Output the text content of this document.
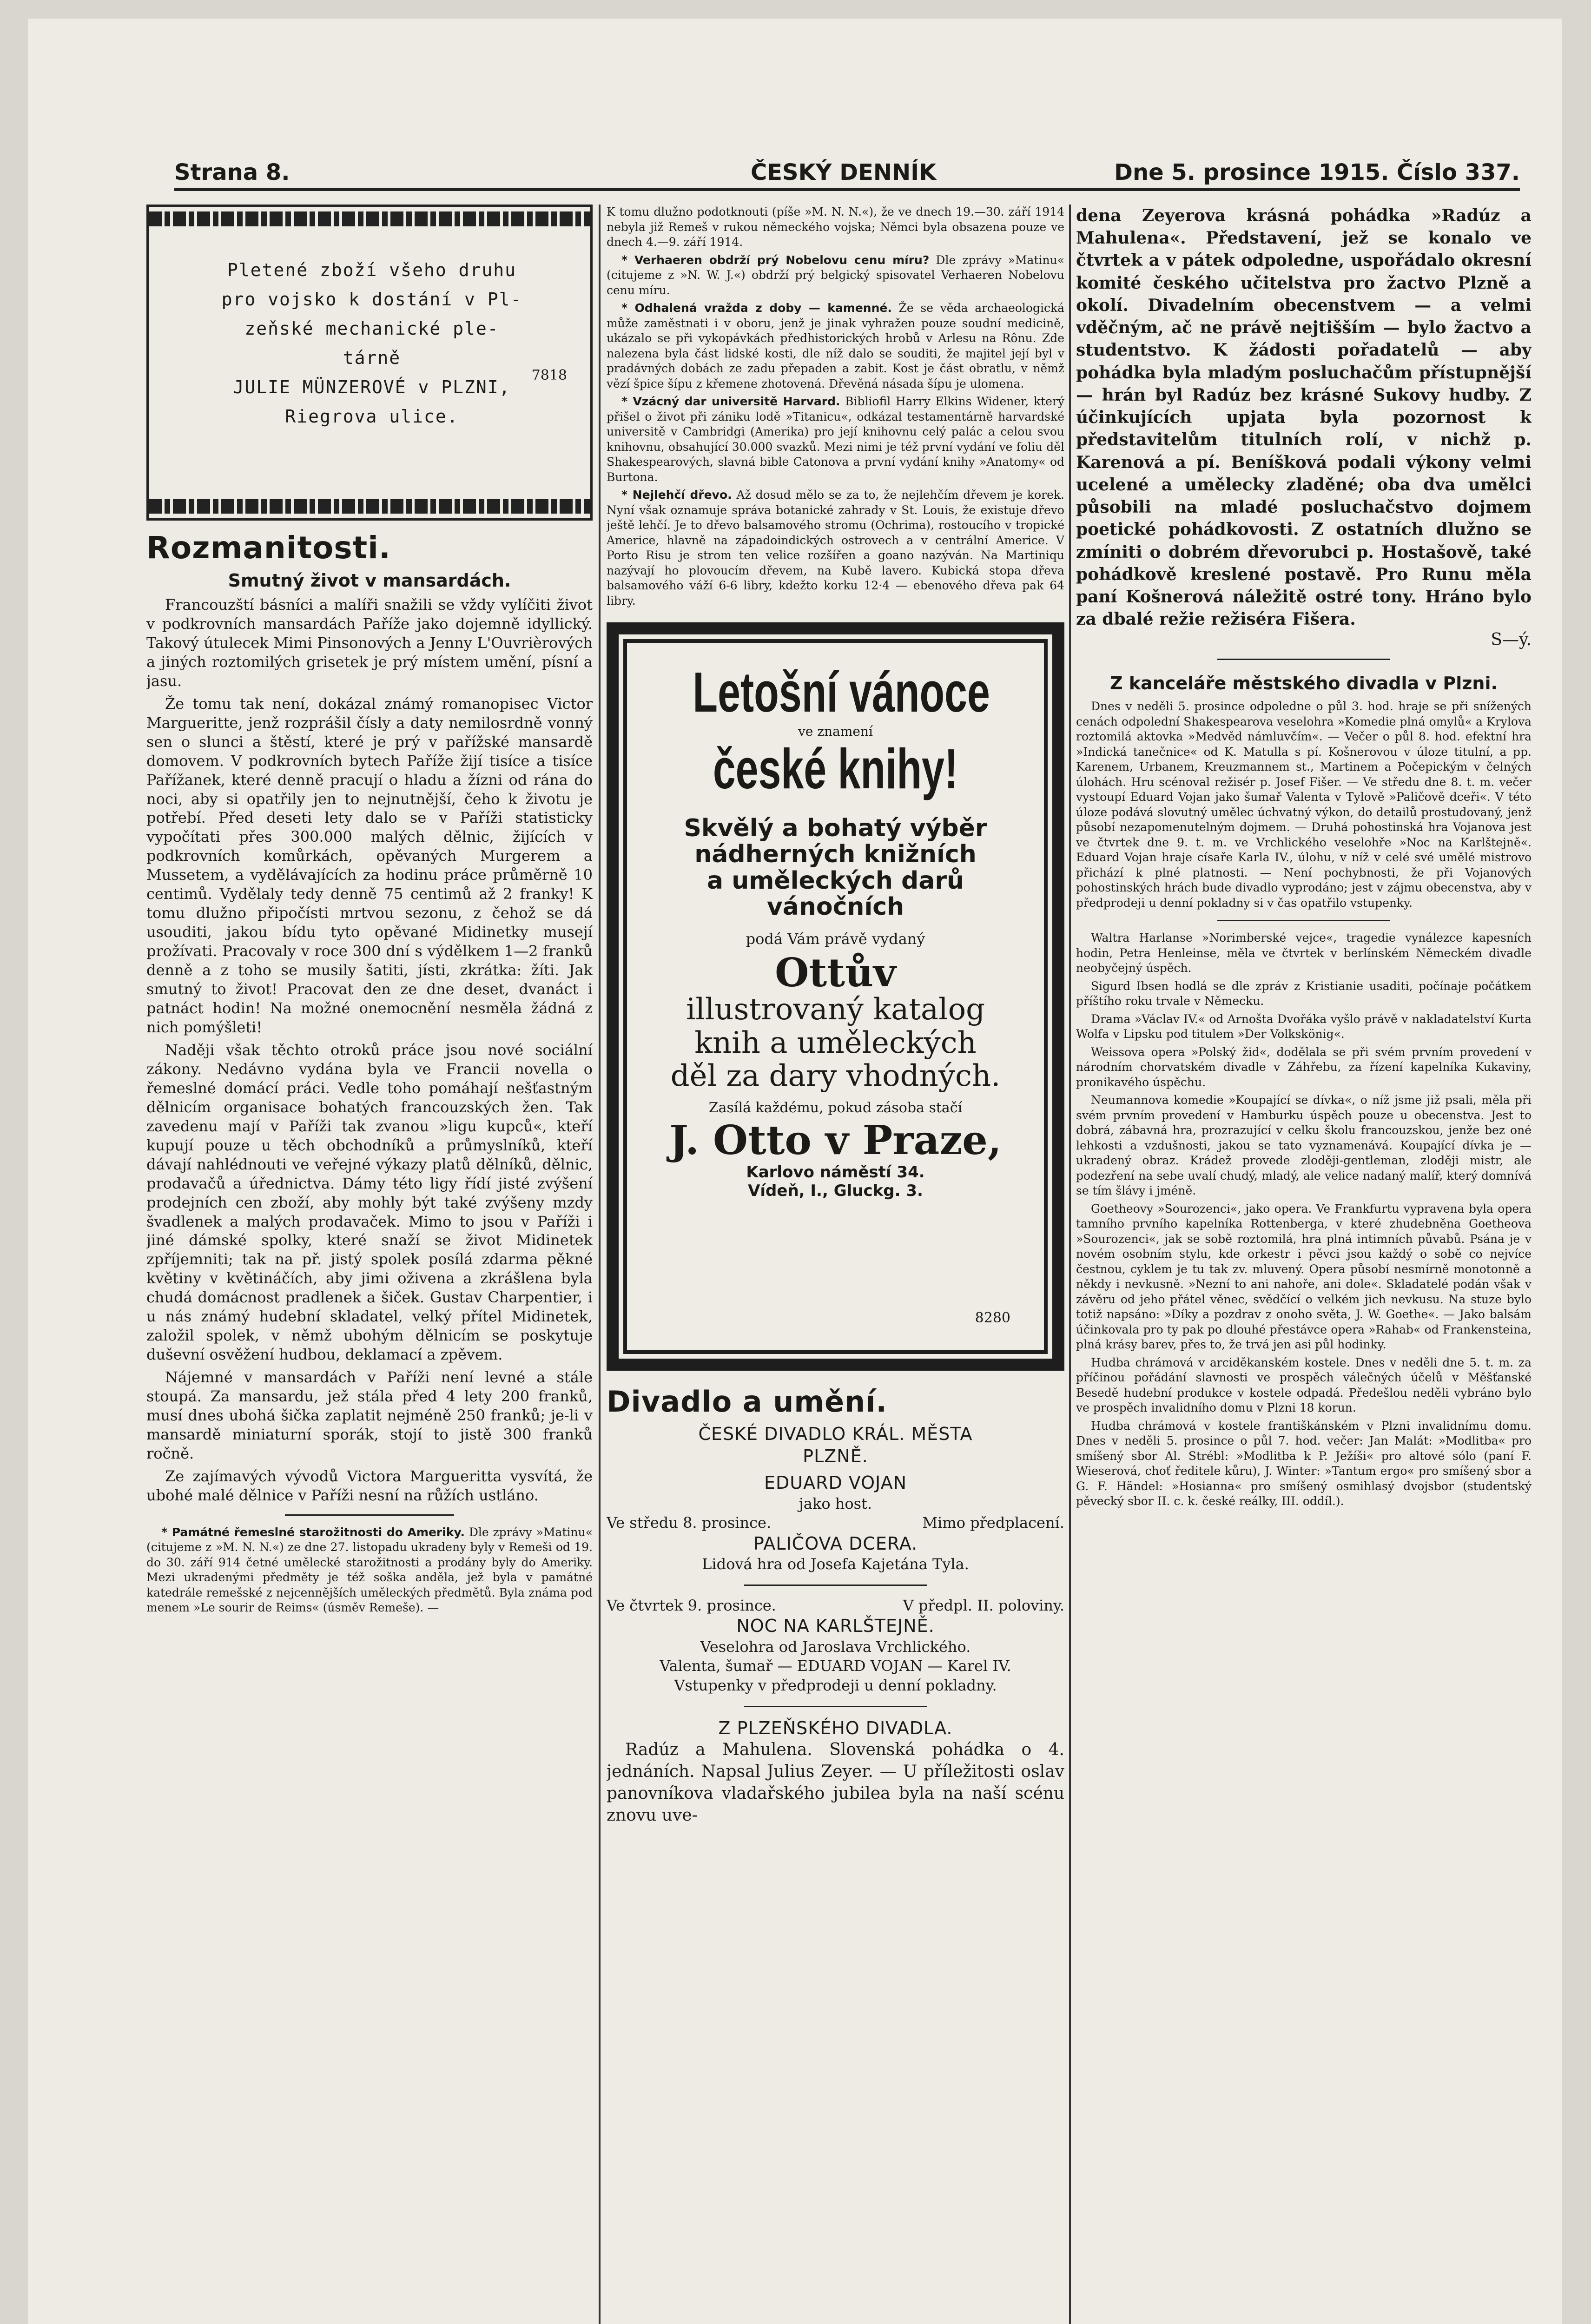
Strana 8.	ČESKÝ DENNÍK	Dne 5. prosince 1915. Číslo 337.
Pletené zboží všeho druhu
pro vojsko k dostání v Pl-
zeňské mechanické ple-
tárně
JULIE MÜNZEROVÉ v PLZNI,
Riegrova ulice.
7818
Rozmanitosti.
Smutný život v mansardách.

Francouzští básníci a malíři snažili se vždy vylíčiti život v podkrovních mansardách Paříže jako dojemně idyllický. Takový útulecek Mimi Pinsonových a Jenny L'Ouvrièrových a jiných roztomilých grisetek je prý místem umění, písní a jasu.

Že tomu tak není, dokázal známý romanopisec Victor Margueritte, jenž rozprášil čísly a daty nemilosrdně vonný sen o slunci a štěstí, které je prý v pařížské mansardě domovem. V podkrovních bytech Paříže žijí tisíce a tisíce Pařížanek, které denně pracují o hladu a žízni od rána do noci, aby si opatřily jen to nejnutnější, čeho k životu je potřebí. Před deseti lety dalo se v Paříži statisticky vypočítati přes 300.000 malých dělnic, žijících v podkrovních komůrkách, opěvaných Murgerem a Mussetem, a vydělávajících za hodinu práce průměrně 10 centimů. Vydělaly tedy denně 75 centimů až 2 franky! K tomu dlužno připočísti mrtvou sezonu, z čehož se dá usouditi, jakou bídu tyto opěvané Midinetky musejí prožívati. Pracovaly v roce 300 dní s výdělkem 1—2 franků denně a z toho se musily šatiti, jísti, zkrátka: žíti. Jak smutný to život! Pracovat den ze dne deset, dvanáct i patnáct hodin! Na možné onemocnění nesměla žádná z nich pomýšleti!

Naději však těchto otroků práce jsou nové sociální zákony. Nedávno vydána byla ve Francii novella o řemeslné domácí práci. Vedle toho pomáhají nešťastným dělnicím organisace bohatých francouzských žen. Tak zavedenu mají v Paříži tak zvanou »ligu kupců«, kteří kupují pouze u těch obchodníků a průmyslníků, kteří dávají nahlédnouti ve veřejné výkazy platů dělníků, dělnic, prodavačů a úřednictva. Dámy této ligy řídí jisté zvýšení prodejních cen zboží, aby mohly být také zvýšeny mzdy švadlenek a malých prodavaček. Mimo to jsou v Paříži i jiné dámské spolky, které snaží se život Midinetek zpříjemniti; tak na př. jistý spolek posílá zdarma pěkné květiny v květináčích, aby jimi oživena a zkrášlena byla chudá domácnost pradlenek a šiček. Gustav Charpentier, i u nás známý hudební skladatel, velký přítel Midinetek, založil spolek, v němž ubohým dělnicím se poskytuje duševní osvěžení hudbou, deklamací a zpěvem.

Nájemné v mansardách v Paříži není levné a stále stoupá. Za mansardu, jež stála před 4 lety 200 franků, musí dnes ubohá šička zaplatit nejméně 250 franků; je-li v mansardě miniaturní sporák, stojí to jistě 300 franků ročně.

Ze zajímavých vývodů Victora Margueritta vysvítá, že ubohé malé dělnice v Paříži nesní na růžích ustláno.

* Památné řemeslné starožitnosti do Ameriky. Dle zprávy »Matinu« (citujeme z »M. N. N.«) ze dne 27. listopadu ukradeny byly v Remeši od 19. do 30. září 914 četné umělecké starožitnosti a prodány byly do Ameriky. Mezi ukradenými předměty je též soška anděla, jež byla v památné katedrále remešské z nejcennějších uměleckých předmětů. Byla známa pod menem »Le sourir de Reims« (úsměv Remeše). —

K tomu dlužno podotknouti (píše »M. N. N.«), že ve dnech 19.—30. září 1914 nebyla již Remeš v rukou německého vojska; Němci byla obsazena pouze ve dnech 4.—9. září 1914.

* Verhaeren obdrží prý Nobelovu cenu míru? Dle zprávy »Matinu« (citujeme z »N. W. J.«) obdrží prý belgický spisovatel Verhaeren Nobelovu cenu míru.

* Odhalená vražda z doby — kamenné. Že se věda archaeologická může zaměstnati i v oboru, jenž je jinak vyhražen pouze soudní medicině, ukázalo se při vykopávkách předhistorických hrobů v Arlesu na Rônu. Zde nalezena byla část lidské kosti, dle níž dalo se souditi, že majitel její byl v pradávných dobách ze zadu přepaden a zabit. Kost je část obratlu, v němž vězí špice šípu z křemene zhotovená. Dřevěná násada šípu je ulomena.

* Vzácný dar universitě Harvard. Bibliofil Harry Elkins Widener, který přišel o život při zániku lodě »Titanicu«, odkázal testamentárně harvardské universitě v Cambridgi (Amerika) pro její knihovnu celý palác a celou svou knihovnu, obsahující 30.000 svazků. Mezi nimi je též první vydání ve foliu děl Shakespearových, slavná bible Catonova a první vydání knihy »Anatomy« od Burtona.

* Nejlehčí dřevo. Až dosud mělo se za to, že nejlehčím dřevem je korek. Nyní však oznamuje správa botanické zahrady v St. Louis, že existuje dřevo ještě lehčí. Je to dřevo balsamového stromu (Ochrima), rostoucího v tropické Americe, hlavně na západoindických ostrovech a v centrální Americe. V Porto Risu je strom ten velice rozšířen a goano nazýván. Na Martiniqu nazývají ho plovoucím dřevem, na Kubě lavero. Kubická stopa dřeva balsamového váží 6-6 libry, kdežto korku 12·4 — ebenového dřeva pak 64 libry.

Letošní vánoce
ve znamení
české knihy!
Skvělý a bohatý výběr
nádherných knižních
a uměleckých darů
vánočních
podá Vám právě vydaný
Ottův
illustrovaný katalog
knih a uměleckých
děl za dary vhodných.
Zasílá každému, pokud zásoba stačí
J. Otto v Praze,
Karlovo náměstí 34.
Vídeň, I., Gluckg. 3.
8280
Divadlo a umění.
ČESKÉ DIVADLO KRÁL. MĚSTA
PLZNĚ.
EDUARD VOJAN

jako host.

Ve středu 8. prosince.	Mimo předplacení.
PALIČOVA DCERA.

Lidová hra od Josefa Kajetána Tyla.

Ve čtvrtek 9. prosince.	V předpl. II. poloviny.
NOC NA KARLŠTEJNĚ.

Veselohra od Jaroslava Vrchlického.

Valenta, šumař — EDUARD VOJAN — Karel IV.

Vstupenky v předprodeji u denní pokladny.

Z PLZEŇSKÉHO DIVADLA.

Radúz a Mahulena. Slovenská pohádka o 4. jednáních. Napsal Julius Zeyer. — U příležitosti oslav panovníkova vladařského jubilea byla na naší scénu znovu uve-

dena Zeyerova krásná pohádka »Radúz a Mahulena«. Představení, jež se konalo ve čtvrtek a v pátek odpoledne, uspořádalo okresní komité českého učitelstva pro žactvo Plzně a okolí. Divadelním obecenstvem — a velmi vděčným, ač ne právě nejtišším — bylo žactvo a studentstvo. K žádosti pořadatelů — aby pohádka byla mladým posluchačům přístupnější — hrán byl Radúz bez krásné Sukovy hudby. Z účinkujících upjata byla pozornost k představitelům titulních rolí, v nichž p. Karenová a pí. Beníšková podali výkony velmi ucelené a umělecky zladěné; oba dva umělci působili na mladé posluchačstvo dojmem poetické pohádkovosti. Z ostatních dlužno se zmíniti o dobrém dřevorubci p. Hostašově, také pohádkově kreslené postavě. Pro Runu měla paní Košnerová náležitě ostré tony. Hráno bylo za dbalé režie režiséra Fišera.

S—ý.
Z kanceláře městského divadla v Plzni.

Dnes v neděli 5. prosince odpoledne o půl 3. hod. hraje se při snížených cenách odpolední Shakespearova veselohra »Komedie plná omylů« a Krylova roztomilá aktovka »Medvěd námluvčím«. — Večer o půl 8. hod. efektní hra »Indická tanečnice« od K. Matulla s pí. Košnerovou v úloze titulní, a pp. Karenem, Urbanem, Kreuzmannem st., Martinem a Počepickým v čelných úlohách. Hru scénoval režisér p. Josef Fišer. — Ve středu dne 8. t. m. večer vystoupí Eduard Vojan jako šumař Valenta v Tylově »Paličově dceři«. V této úloze podává slovutný umělec úchvatný výkon, do detailů prostudovaný, jenž působí nezapomenutelným dojmem. — Druhá pohostinská hra Vojanova jest ve čtvrtek dne 9. t. m. ve Vrchlického veselohře »Noc na Karlštejně«. Eduard Vojan hraje císaře Karla IV., úlohu, v níž v celé své umělé mistrovo přichází k plné platnosti. — Není pochybnosti, že při Vojanových pohostinských hrách bude divadlo vyprodáno; jest v zájmu obecenstva, aby v předprodeji u denní pokladny si v čas opatřilo vstupenky.

Waltra Harlanse »Norimberské vejce«, tragedie vynálezce kapesních hodin, Petra Henleinse, měla ve čtvrtek v berlínském Německém divadle neobyčejný úspěch.

Sigurd Ibsen hodlá se dle zpráv z Kristianie usaditi, počínaje počátkem příštího roku trvale v Německu.

Drama »Václav IV.« od Arnošta Dvořáka vyšlo právě v nakladatelství Kurta Wolfa v Lipsku pod titulem »Der Volkskönig«.

Weissova opera »Polský žid«, dodělala se při svém prvním provedení v národním chorvatském divadle v Záhřebu, za řízení kapelníka Kukaviny, pronikavého úspěchu.

Neumannova komedie »Koupající se dívka«, o níž jsme již psali, měla při svém prvním provedení v Hamburku úspěch pouze u obecenstva. Jest to dobrá, zábavná hra, prozrazující v celku školu francouzskou, jenže bez oné lehkosti a vzdušnosti, jakou se tato vyznamenává. Koupající dívka je — ukradený obraz. Krádež provede zloději-gentleman, zloději mistr, ale podezření na sebe uvalí chudý, mladý, ale velice nadaný malíř, který domnívá se tím šlávy i jméně.

Goetheovy »Sourozenci«, jako opera. Ve Frankfurtu vypravena byla opera tamního prvního kapelníka Rottenberga, v které zhudebněna Goetheova »Sourozenci«, jak se sobě roztomilá, hra plná intimních půvabů. Psána je v novém osobním stylu, kde orkestr i pěvci jsou každý o sobě co nejvíce čestnou, cyklem je tu tak zv. mluvený. Opera působí nesmírně monotonně a někdy i nevkusně. »Nezní to ani nahoře, ani dole«. Skladatelé podán však v závěru od jeho přátel věnec, svědčící o velkém jich nevkusu. Na stuze bylo totiž napsáno: »Díky a pozdrav z onoho světa, J. W. Goethe«. — Jako balsám účinkovala pro ty pak po dlouhé přestávce opera »Rahab« od Frankensteina, plná krásy barev, přes to, že trvá jen asi půl hodinky.

Hudba chrámová v arciděkanském kostele. Dnes v neděli dne 5. t. m. za příčinou pořádání slavnosti ve prospěch válečných účelů v Měšťanské Besedě hudební produkce v kostele odpadá. Předešlou neděli vybráno bylo ve prospěch invalidního domu v Plzni 18 korun.

Hudba chrámová v kostele františkánském v Plzni invalidnímu domu. Dnes v neděli 5. prosince o půl 7. hod. večer: Jan Malát: »Modlitba« pro smíšený sbor Al. Strébl: »Modlitba k P. Ježíši« pro altové sólo (paní F. Wieserová, choť ředitele kůru), J. Winter: »Tantum ergo« pro smíšený sbor a G. F. Händel: »Hosianna« pro smíšený osmihlasý dvojsbor (studentský pěvecký sbor II. c. k. české reálky, III. oddíl.).
